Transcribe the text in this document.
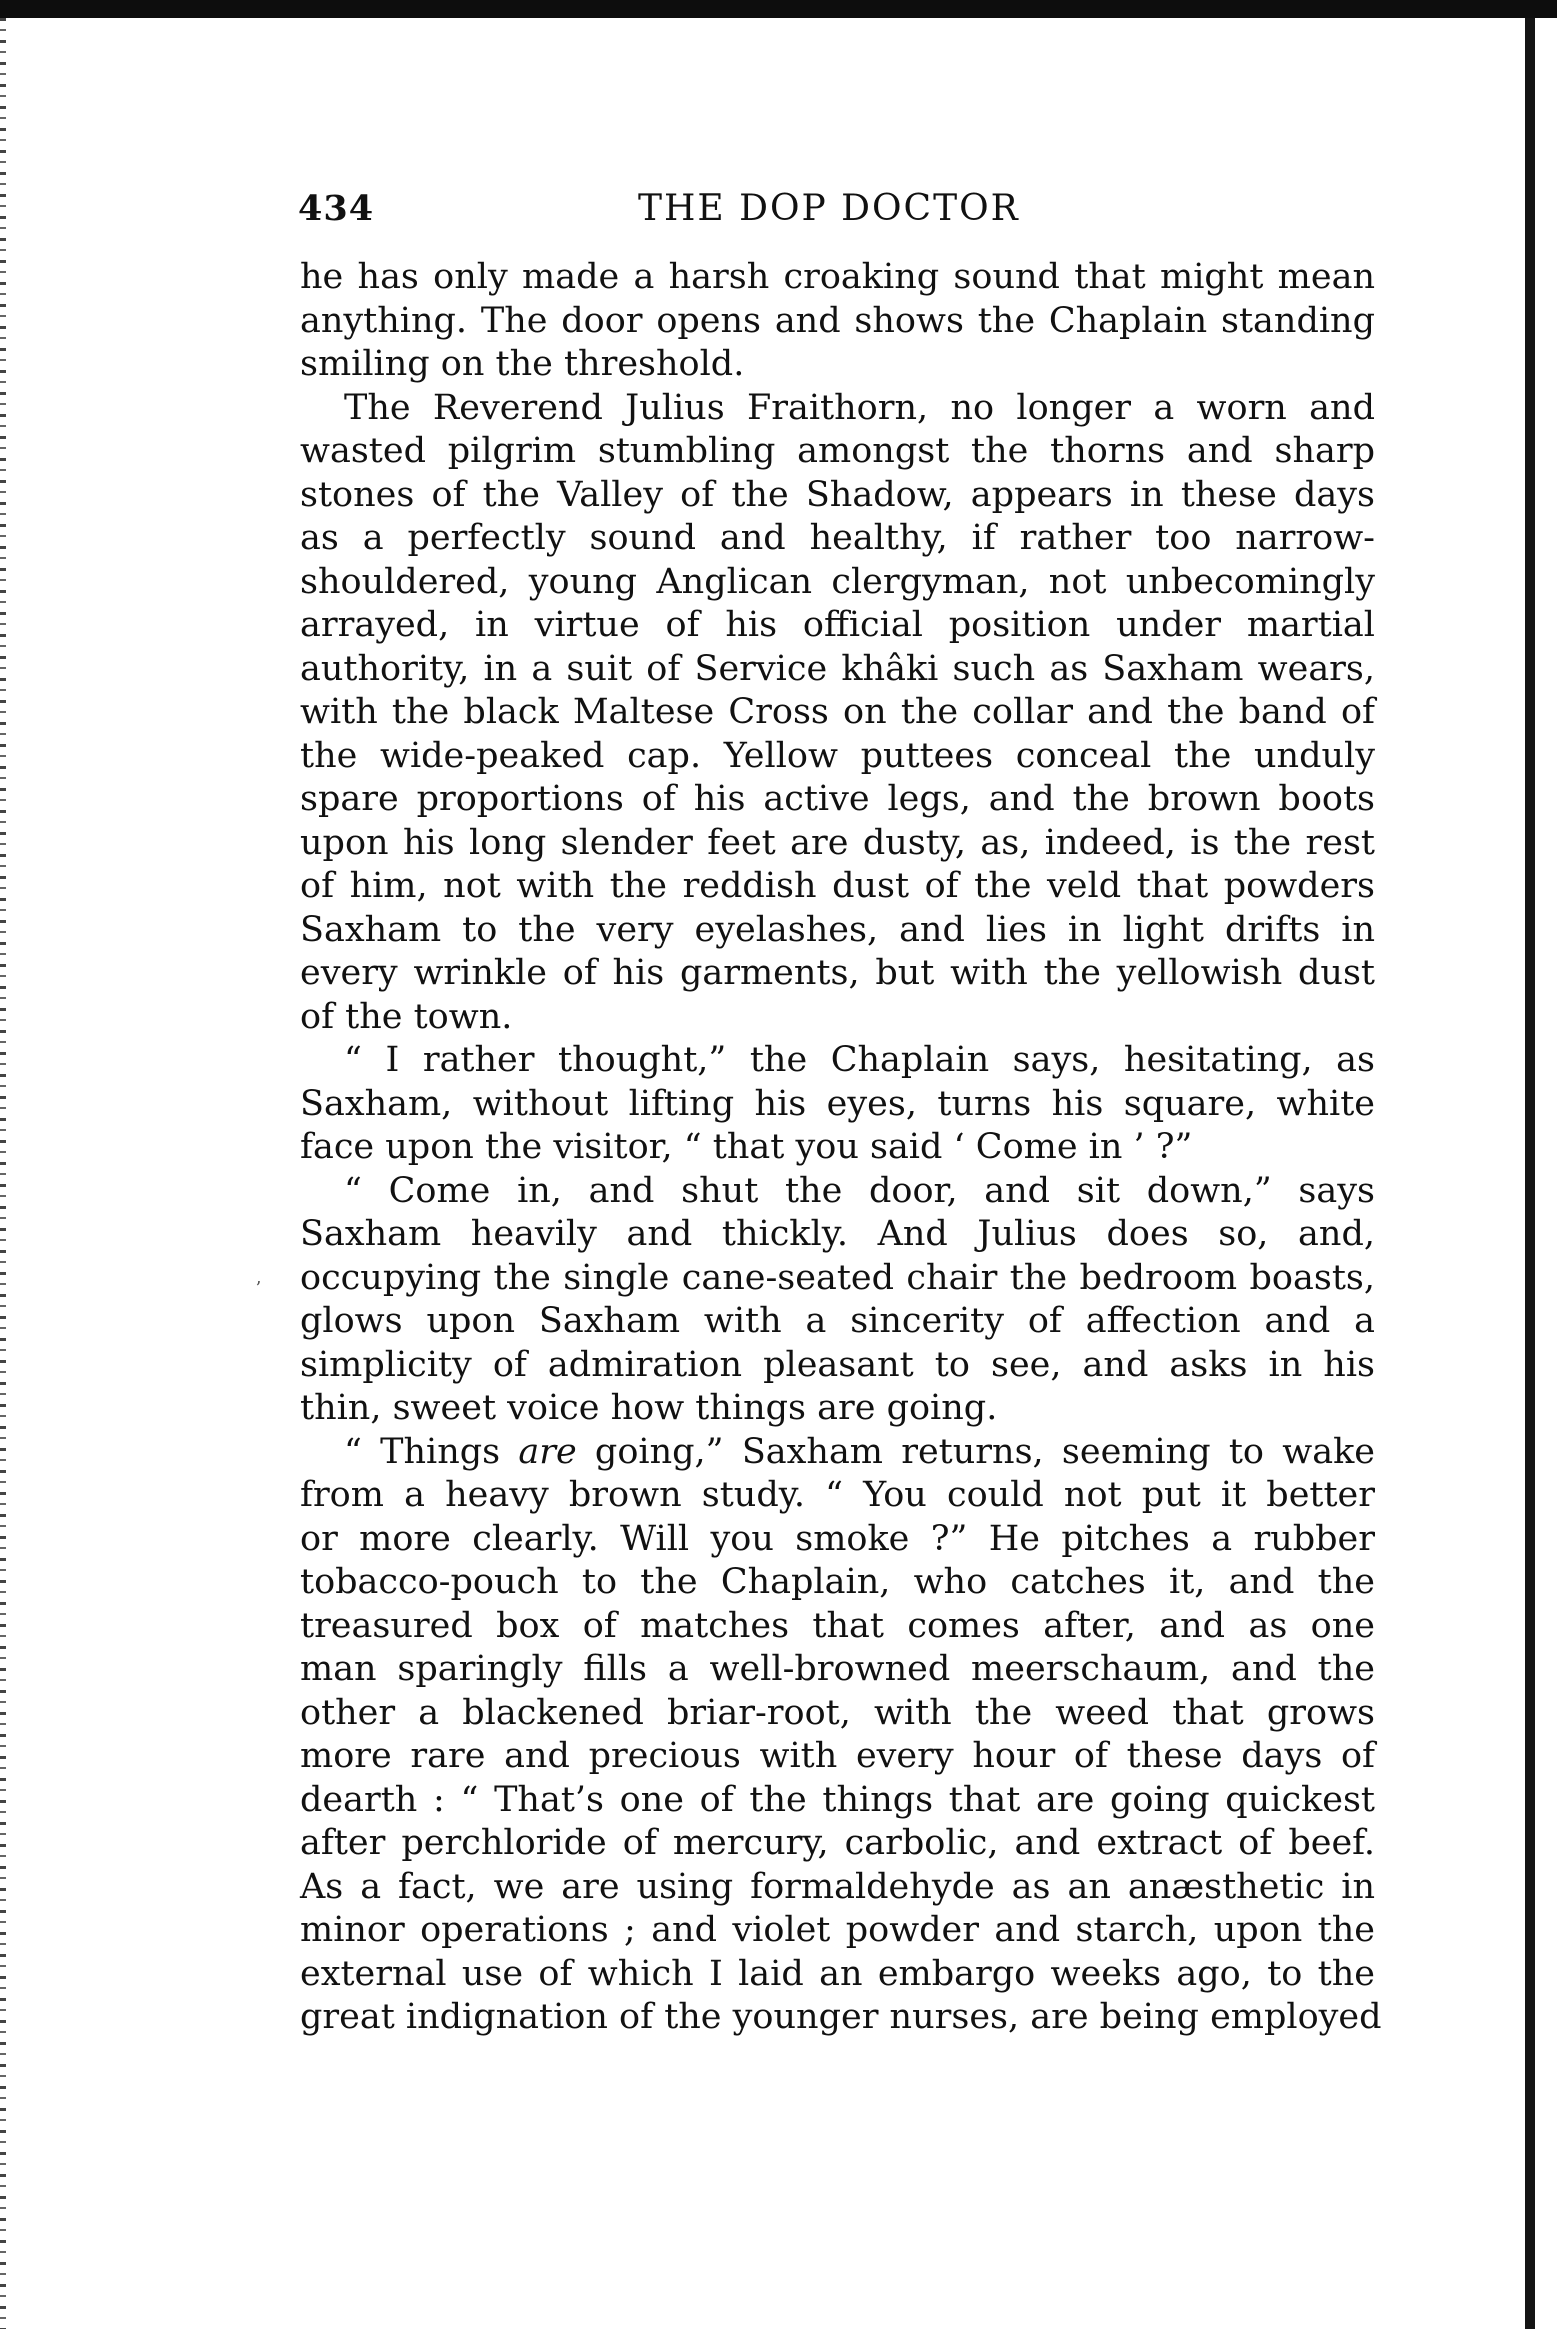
434	THE DOP DOCTOR
ʼ
he has only made a harsh croaking sound that might mean
anything. The door opens and shows the Chaplain standing
smiling on the threshold.
The Reverend Julius Fraithorn, no longer a worn and
wasted pilgrim stumbling amongst the thorns and sharp
stones of the Valley of the Shadow, appears in these days
as a perfectly sound and healthy, if rather too narrow-
shouldered, young Anglican clergyman, not unbecomingly
arrayed, in virtue of his official position under martial
authority, in a suit of Service khâki such as Saxham wears,
with the black Maltese Cross on the collar and the band of
the wide-peaked cap. Yellow puttees conceal the unduly
spare proportions of his active legs, and the brown boots
upon his long slender feet are dusty, as, indeed, is the rest
of him, not with the reddish dust of the veld that powders
Saxham to the very eyelashes, and lies in light drifts in
every wrinkle of his garments, but with the yellowish dust
of the town.
“ I rather thought,” the Chaplain says, hesitating, as
Saxham, without lifting his eyes, turns his square, white
face upon the visitor, “ that you said ‘ Come in ’ ?”
“ Come in, and shut the door, and sit down,” says
Saxham heavily and thickly. And Julius does so, and,
occupying the single cane-seated chair the bedroom boasts,
glows upon Saxham with a sincerity of affection and a
simplicity of admiration pleasant to see, and asks in his
thin, sweet voice how things are going.
“ Things are going,” Saxham returns, seeming to wake
from a heavy brown study. “ You could not put it better
or more clearly. Will you smoke ?” He pitches a rubber
tobacco-pouch to the Chaplain, who catches it, and the
treasured box of matches that comes after, and as one
man sparingly fills a well-browned meerschaum, and the
other a blackened briar-root, with the weed that grows
more rare and precious with every hour of these days of
dearth : “ That’s one of the things that are going quickest
after perchloride of mercury, carbolic, and extract of beef.
As a fact, we are using formaldehyde as an anæsthetic in
minor operations ; and violet powder and starch, upon the
external use of which I laid an embargo weeks ago, to the
great indignation of the younger nurses, are being employed
